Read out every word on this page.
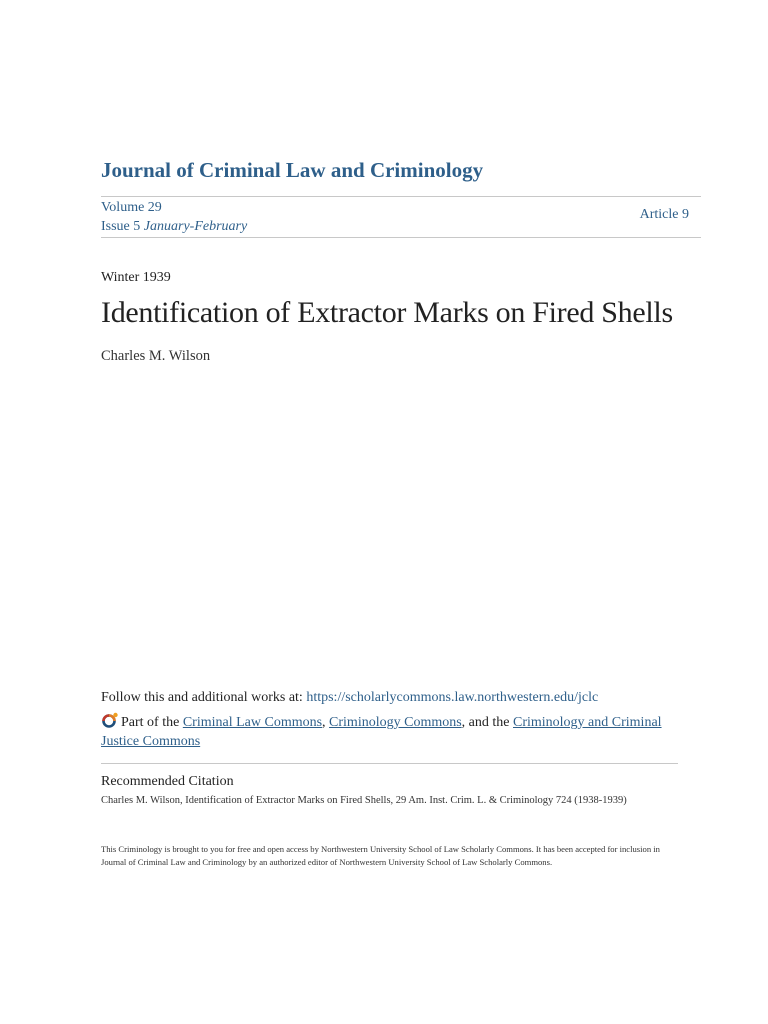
Journal of Criminal Law and Criminology
Volume 29
Issue 5 January-February
Article 9
Winter 1939
Identification of Extractor Marks on Fired Shells
Charles M. Wilson
Follow this and additional works at: https://scholarlycommons.law.northwestern.edu/jclc
Part of the Criminal Law Commons, Criminology Commons, and the Criminology and Criminal Justice Commons
Recommended Citation
Charles M. Wilson, Identification of Extractor Marks on Fired Shells, 29 Am. Inst. Crim. L. & Criminology 724 (1938-1939)
This Criminology is brought to you for free and open access by Northwestern University School of Law Scholarly Commons. It has been accepted for inclusion in Journal of Criminal Law and Criminology by an authorized editor of Northwestern University School of Law Scholarly Commons.
